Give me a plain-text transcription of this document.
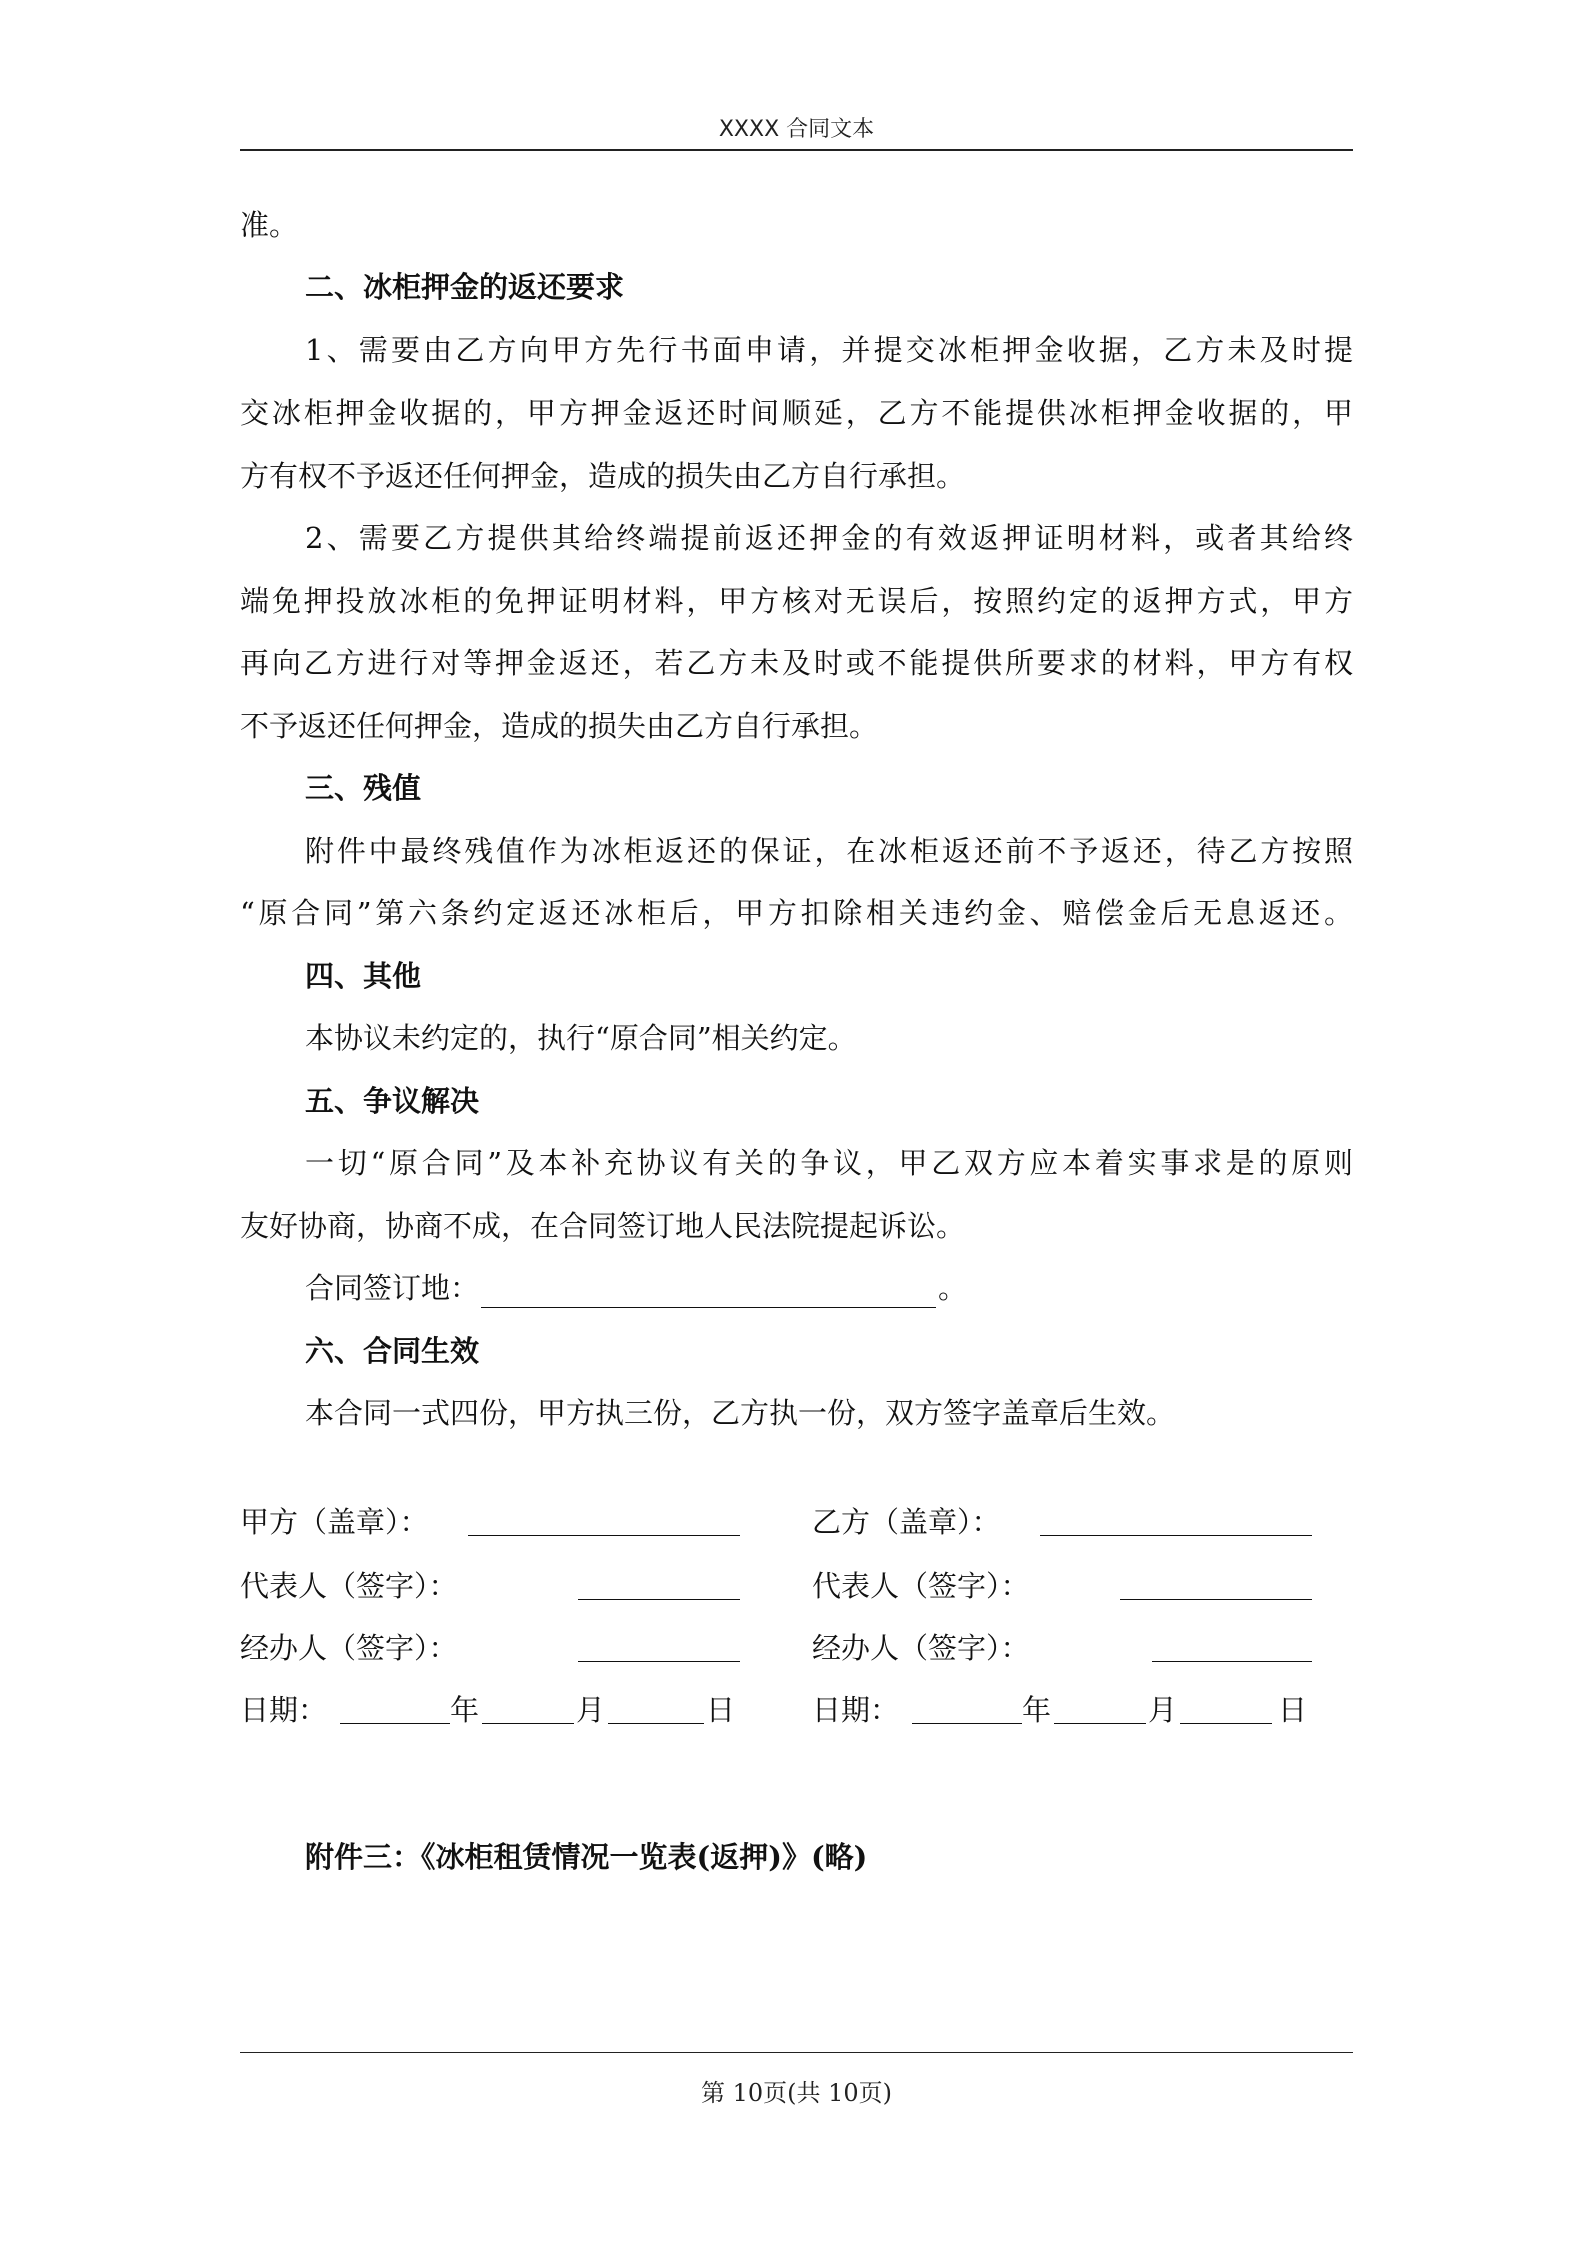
XXXX 合同文本
准。
二、冰柜押金的返还要求
1、需要由乙方向甲方先行书面申请，并提交冰柜押金收据，乙方未及时提
交冰柜押金收据的，甲方押金返还时间顺延，乙方不能提供冰柜押金收据的，甲
方有权不予返还任何押金，造成的损失由乙方自行承担。
2、需要乙方提供其给终端提前返还押金的有效返押证明材料，或者其给终
端免押投放冰柜的免押证明材料，甲方核对无误后，按照约定的返押方式，甲方
再向乙方进行对等押金返还，若乙方未及时或不能提供所要求的材料，甲方有权
不予返还任何押金，造成的损失由乙方自行承担。
三、残值
附件中最终残值作为冰柜返还的保证，在冰柜返还前不予返还，待乙方按照
“原合同”第六条约定返还冰柜后，甲方扣除相关违约金、赔偿金后无息返还。
四、其他
本协议未约定的，执行“原合同”相关约定。
五、争议解决
一切“原合同”及本补充协议有关的争议，甲乙双方应本着实事求是的原则
友好协商，协商不成，在合同签订地人民法院提起诉讼。
合同签订地：	。
六、合同生效
本合同一式四份，甲方执三份，乙方执一份，双方签字盖章后生效。
甲方（盖章）：
代表人（签字）：
经办人（签字）：
日期：	年	月	日
乙方（盖章）：
代表人（签字）：
经办人（签字）：
日期：	年	月	日
附件三：《冰柜租赁情况一览表(返押)》(略)
第 10页(共 10页)
